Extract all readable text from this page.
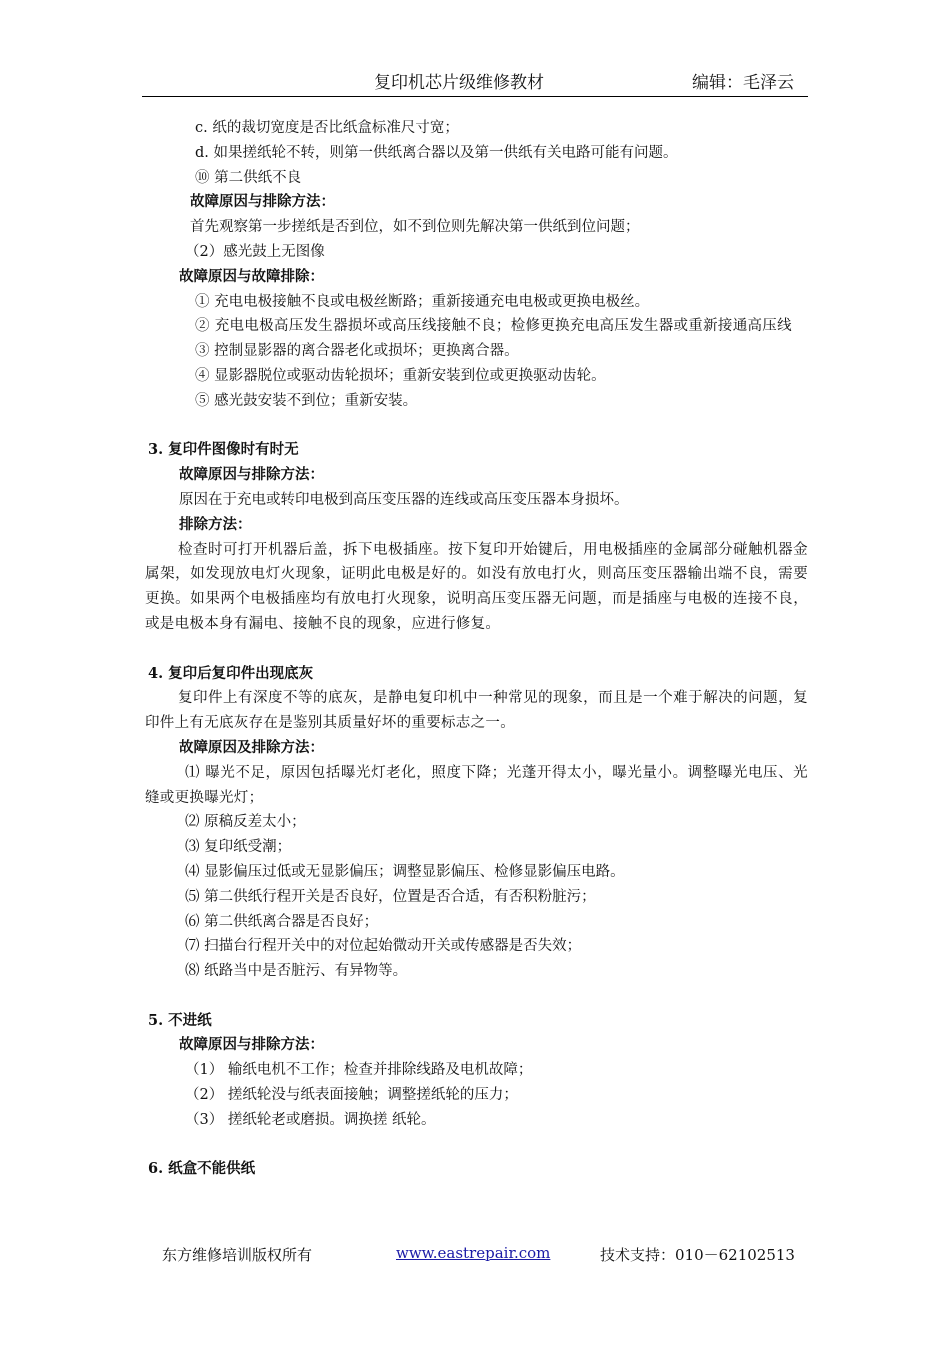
复印机芯片级维修教材	编辑：毛泽云
c. 纸的裁切宽度是否比纸盒标准尺寸宽；
d. 如果搓纸轮不转，则第一供纸离合器以及第一供纸有关电路可能有问题。
⑩ 第二供纸不良
故障原因与排除方法：
首先观察第一步搓纸是否到位，如不到位则先解决第一供纸到位问题；
（2）感光鼓上无图像
故障原因与故障排除：
① 充电电极接触不良或电极丝断路；重新接通充电电极或更换电极丝。
② 充电电极高压发生器损坏或高压线接触不良；检修更换充电高压发生器或重新接通高压线
③ 控制显影器的离合器老化或损坏；更换离合器。
④ 显影器脱位或驱动齿轮损坏；重新安装到位或更换驱动齿轮。
⑤ 感光鼓安装不到位；重新安装。
3. 复印件图像时有时无
故障原因与排除方法：
原因在于充电或转印电极到高压变压器的连线或高压变压器本身损坏。
排除方法：
检查时可打开机器后盖，拆下电极插座。按下复印开始键后，用电极插座的金属部分碰触机器金属架，如发现放电灯火现象，证明此电极是好的。如没有放电打火，则高压变压器输出端不良，需要更换。如果两个电极插座均有放电打火现象，说明高压变压器无问题，而是插座与电极的连接不良，或是电极本身有漏电、接触不良的现象，应进行修复。
4. 复印后复印件出现底灰
复印件上有深度不等的底灰，是静电复印机中一种常见的现象，而且是一个难于解决的问题，复印件上有无底灰存在是鉴别其质量好坏的重要标志之一。
故障原因及排除方法：
⑴ 曝光不足，原因包括曝光灯老化，照度下降；光蓬开得太小，曝光量小。调整曝光电压、光缝或更换曝光灯；
⑵ 原稿反差太小；
⑶ 复印纸受潮；
⑷ 显影偏压过低或无显影偏压；调整显影偏压、检修显影偏压电路。
⑸ 第二供纸行程开关是否良好，位置是否合适，有否积粉脏污；
⑹ 第二供纸离合器是否良好；
⑺ 扫描台行程开关中的对位起始微动开关或传感器是否失效；
⑻ 纸路当中是否脏污、有异物等。
5. 不进纸
故障原因与排除方法：
（1） 输纸电机不工作；检查并排除线路及电机故障；
（2） 搓纸轮没与纸表面接触；调整搓纸轮的压力；
（3） 搓纸轮老或磨损。调换搓 纸轮。
6. 纸盒不能供纸
东方维修培训版权所有	www.eastrepair.com	技术支持：010－62102513
